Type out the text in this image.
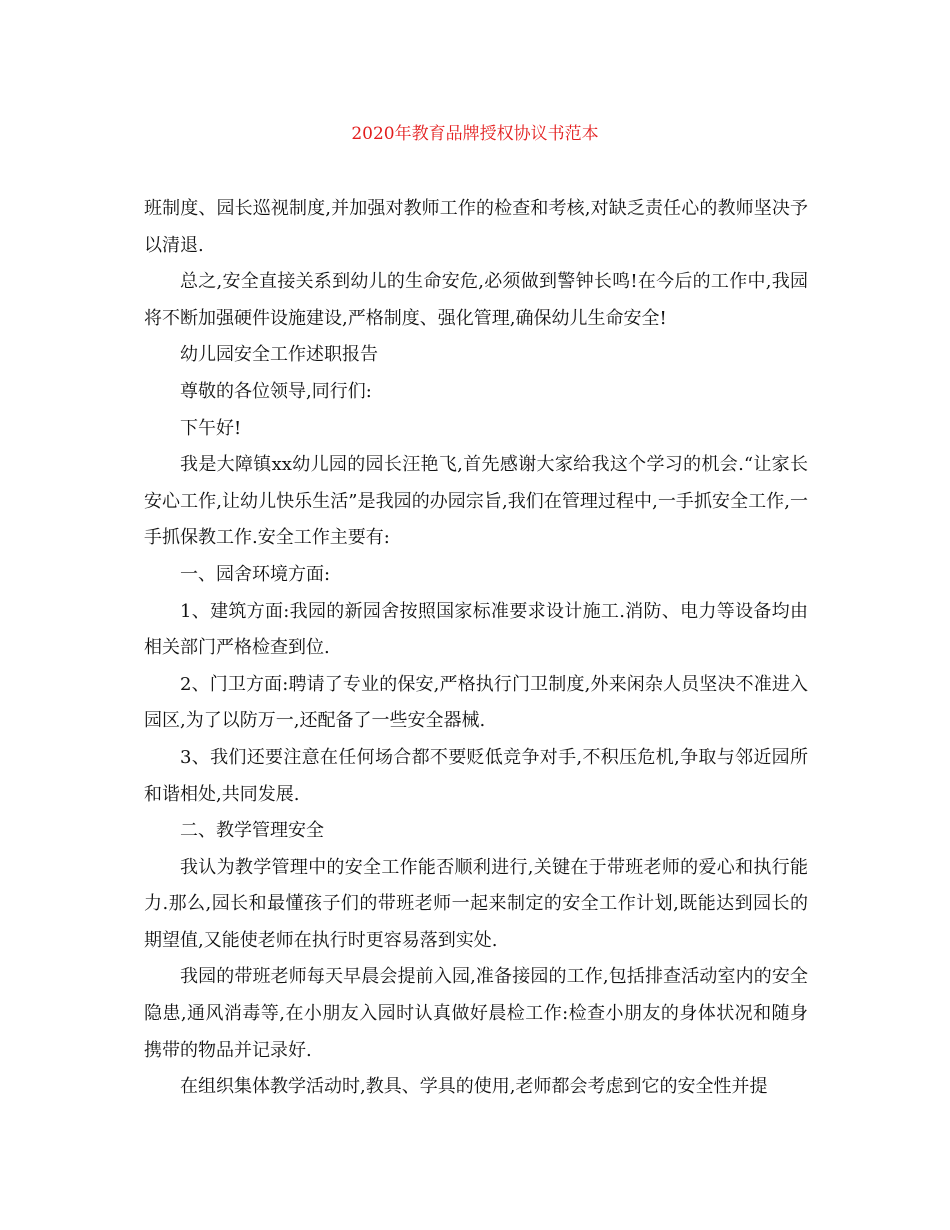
2020年教育品牌授权协议书范本

班制度、园长巡视制度,并加强对教师工作的检查和考核,对缺乏责任心的教师坚决予以清退.

总之,安全直接关系到幼儿的生命安危,必须做到警钟长鸣!在今后的工作中,我园将不断加强硬件设施建设,严格制度、强化管理,确保幼儿生命安全!

幼儿园安全工作述职报告

尊敬的各位领导,同行们:

下午好!

我是大障镇xx幼儿园的园长汪艳飞,首先感谢大家给我这个学习的机会.“让家长安心工作,让幼儿快乐生活”是我园的办园宗旨,我们在管理过程中,一手抓安全工作,一手抓保教工作.安全工作主要有:

一、园舍环境方面:

1、建筑方面:我园的新园舍按照国家标准要求设计施工.消防、电力等设备均由相关部门严格检查到位.

2、门卫方面:聘请了专业的保安,严格执行门卫制度,外来闲杂人员坚决不准进入园区,为了以防万一,还配备了一些安全器械.

3、我们还要注意在任何场合都不要贬低竞争对手,不积压危机,争取与邻近园所和谐相处,共同发展.

二、教学管理安全

我认为教学管理中的安全工作能否顺利进行,关键在于带班老师的爱心和执行能力.那么,园长和最懂孩子们的带班老师一起来制定的安全工作计划,既能达到园长的期望值,又能使老师在执行时更容易落到实处.

我园的带班老师每天早晨会提前入园,准备接园的工作,包括排查活动室内的安全隐患,通风消毒等,在小朋友入园时认真做好晨检工作:检查小朋友的身体状况和随身携带的物品并记录好.

在组织集体教学活动时,教具、学具的使用,老师都会考虑到它的安全性并提
